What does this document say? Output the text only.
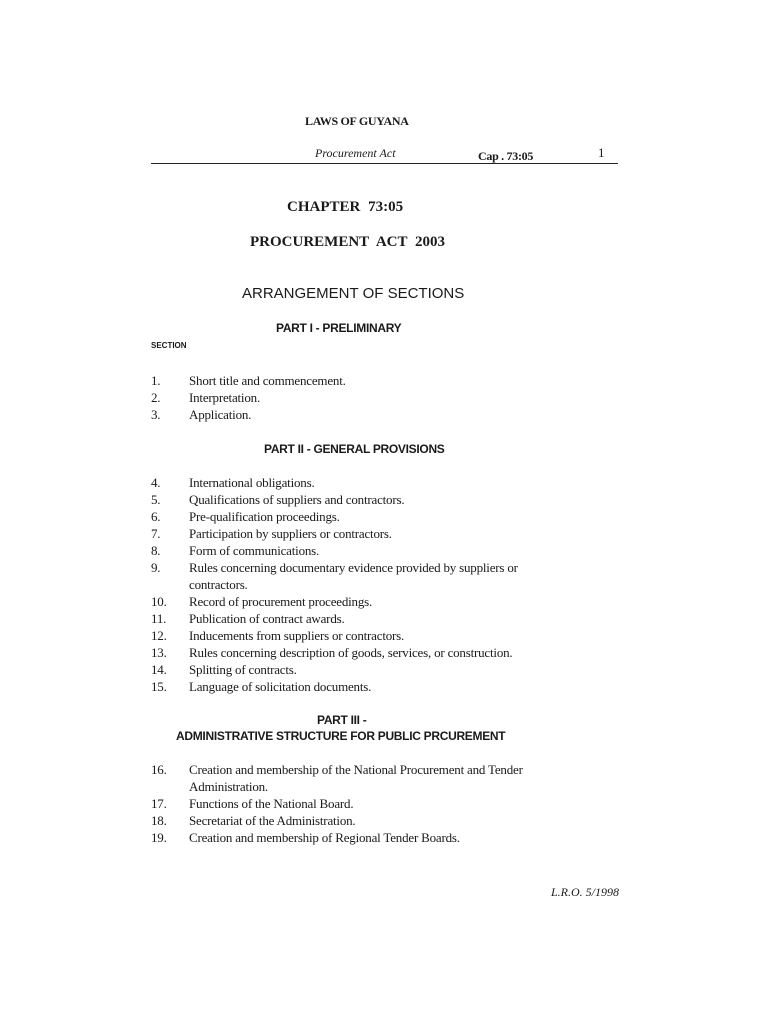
LAWS OF GUYANA
Procurement Act	Cap . 73:05	1
CHAPTER 73:05
PROCUREMENT ACT 2003
ARRANGEMENT OF SECTIONS
PART I - PRELIMINARY
SECTION
1. Short title and commencement.
2. Interpretation.
3. Application.
PART II - GENERAL PROVISIONS
4. International obligations.
5. Qualifications of suppliers and contractors.
6. Pre-qualification proceedings.
7. Participation by suppliers or contractors.
8. Form of communications.
9. Rules concerning documentary evidence provided by suppliers or contractors.
10. Record of procurement proceedings.
11. Publication of contract awards.
12. Inducements from suppliers or contractors.
13. Rules concerning description of goods, services, or construction.
14. Splitting of contracts.
15. Language of solicitation documents.
PART III -
ADMINISTRATIVE STRUCTURE FOR PUBLIC PRCUREMENT
16. Creation and membership of the National Procurement and Tender Administration.
17. Functions of the National Board.
18. Secretariat of the Administration.
19. Creation and membership of Regional Tender Boards.
L.R.O. 5/1998
